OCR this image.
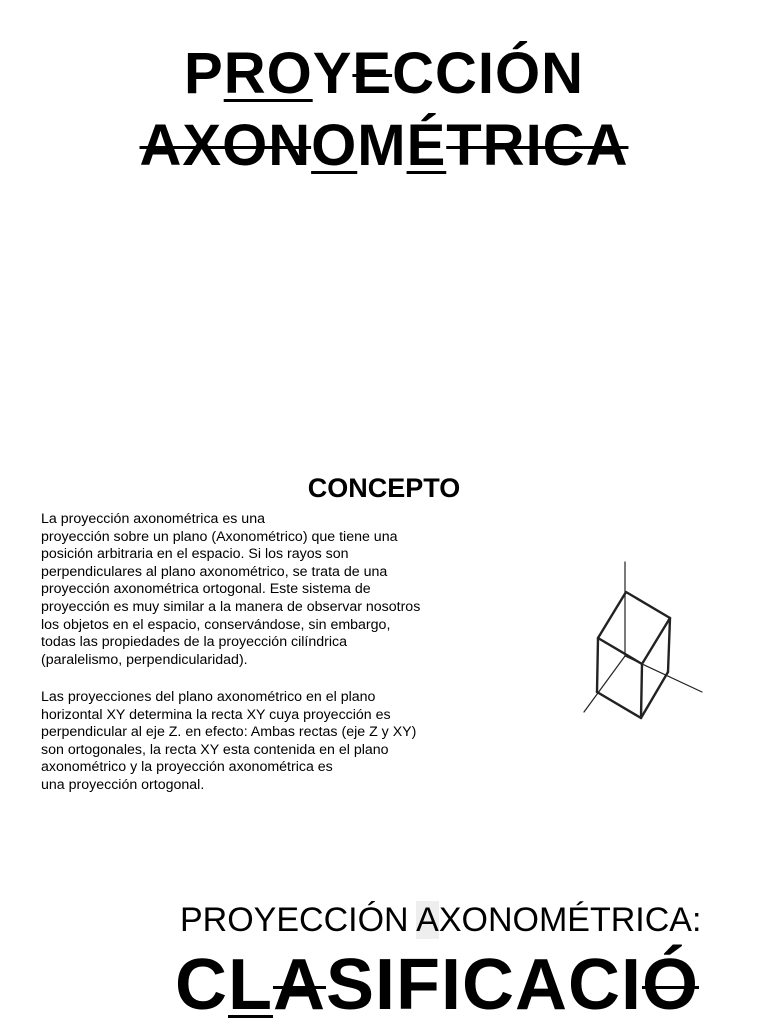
PROYECCIÓN
AXONOMÉTRICA
CONCEPTO
La proyección axonométrica es una
proyección sobre un plano (Axonométrico) que tiene una
posición arbitraria en el espacio. Si los rayos son
perpendiculares al plano axonométrico, se trata de una
proyección axonométrica ortogonal. Este sistema de
proyección es muy similar a la manera de observar nosotros
los objetos en el espacio, conservándose, sin embargo,
todas las propiedades de la proyección cilíndrica
(paralelismo, perpendicularidad).
Las proyecciones del plano axonométrico en el plano
horizontal XY determina la recta XY cuya proyección es
perpendicular al eje Z. en efecto: Ambas rectas (eje Z y XY)
son ortogonales, la recta XY esta contenida en el plano
axonométrico y la proyección axonométrica es
una proyección ortogonal.
PROYECCIÓN AXONOMÉTRICA:
CLASIFICACIÓ
